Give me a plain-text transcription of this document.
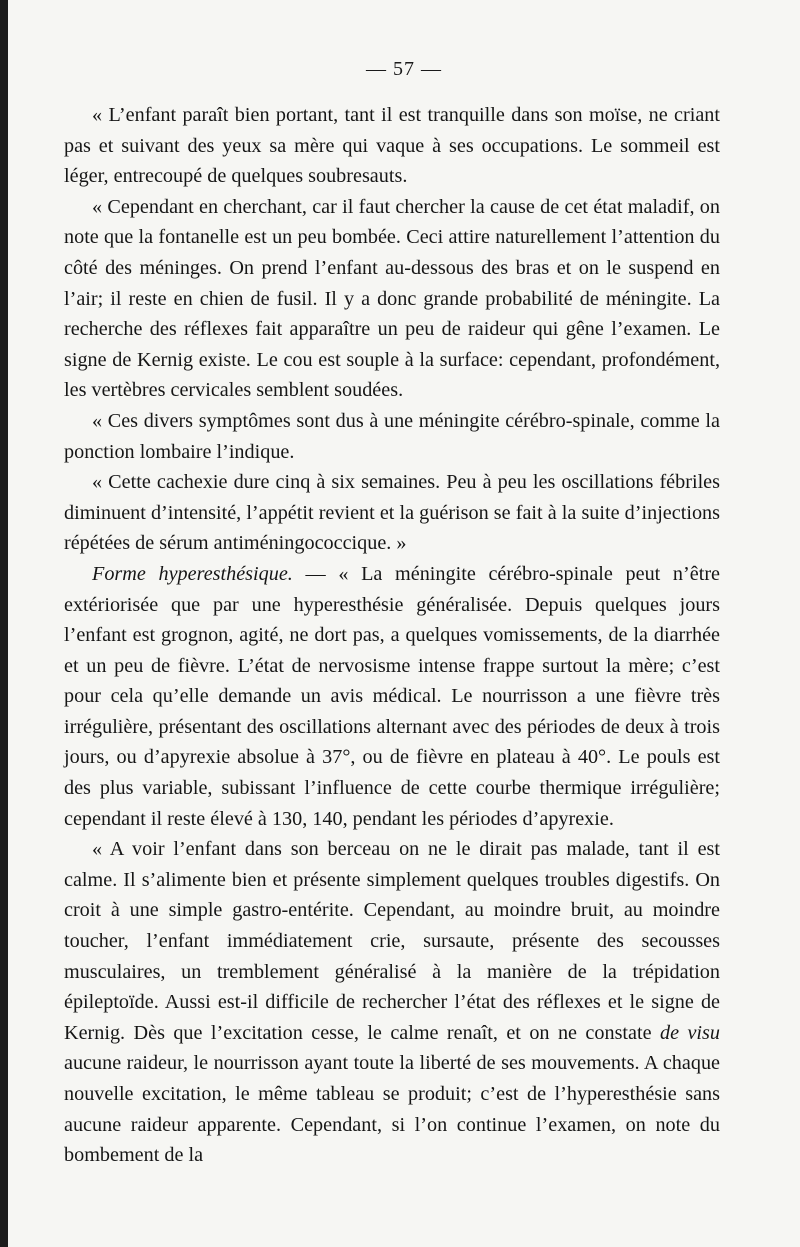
— 57 —

« L’enfant paraît bien portant, tant il est tranquille dans son moïse, ne criant pas et suivant des yeux sa mère qui vaque à ses occupations. Le sommeil est léger, entrecoupé de quelques soubresauts.

« Cependant en cherchant, car il faut chercher la cause de cet état maladif, on note que la fontanelle est un peu bombée. Ceci attire naturellement l’attention du côté des méninges. On prend l’enfant au-dessous des bras et on le suspend en l’air; il reste en chien de fusil. Il y a donc grande probabilité de méningite. La recherche des réflexes fait apparaître un peu de raideur qui gêne l’examen. Le signe de Kernig existe. Le cou est souple à la surface: cependant, profondément, les vertèbres cervicales semblent soudées.

« Ces divers symptômes sont dus à une méningite cérébro-spinale, comme la ponction lombaire l’indique.

« Cette cachexie dure cinq à six semaines. Peu à peu les oscillations fébriles diminuent d’intensité, l’appétit revient et la guérison se fait à la suite d’injections répétées de sérum antiméningococcique. »

Forme hyperesthésique. — « La méningite cérébro-spinale peut n’être extériorisée que par une hyperesthésie généralisée. Depuis quelques jours l’enfant est grognon, agité, ne dort pas, a quelques vomissements, de la diarrhée et un peu de fièvre. L’état de nervosisme intense frappe surtout la mère; c’est pour cela qu’elle demande un avis médical. Le nourrisson a une fièvre très irrégulière, présentant des oscillations alternant avec des périodes de deux à trois jours, ou d’apyrexie absolue à 37°, ou de fièvre en plateau à 40°. Le pouls est des plus variable, subissant l’influence de cette courbe thermique irrégulière; cependant il reste élevé à 130, 140, pendant les périodes d’apyrexie.

« A voir l’enfant dans son berceau on ne le dirait pas malade, tant il est calme. Il s’alimente bien et présente simplement quelques troubles digestifs. On croit à une simple gastro-entérite. Cependant, au moindre bruit, au moindre toucher, l’enfant immédiatement crie, sursaute, présente des secousses musculaires, un tremblement généralisé à la manière de la trépidation épileptoïde. Aussi est-il difficile de rechercher l’état des réflexes et le signe de Kernig. Dès que l’excitation cesse, le calme renaît, et on ne constate de visu aucune raideur, le nourrisson ayant toute la liberté de ses mouvements. A chaque nouvelle excitation, le même tableau se produit; c’est de l’hyperesthésie sans aucune raideur apparente. Cependant, si l’on continue l’examen, on note du bombement de la
